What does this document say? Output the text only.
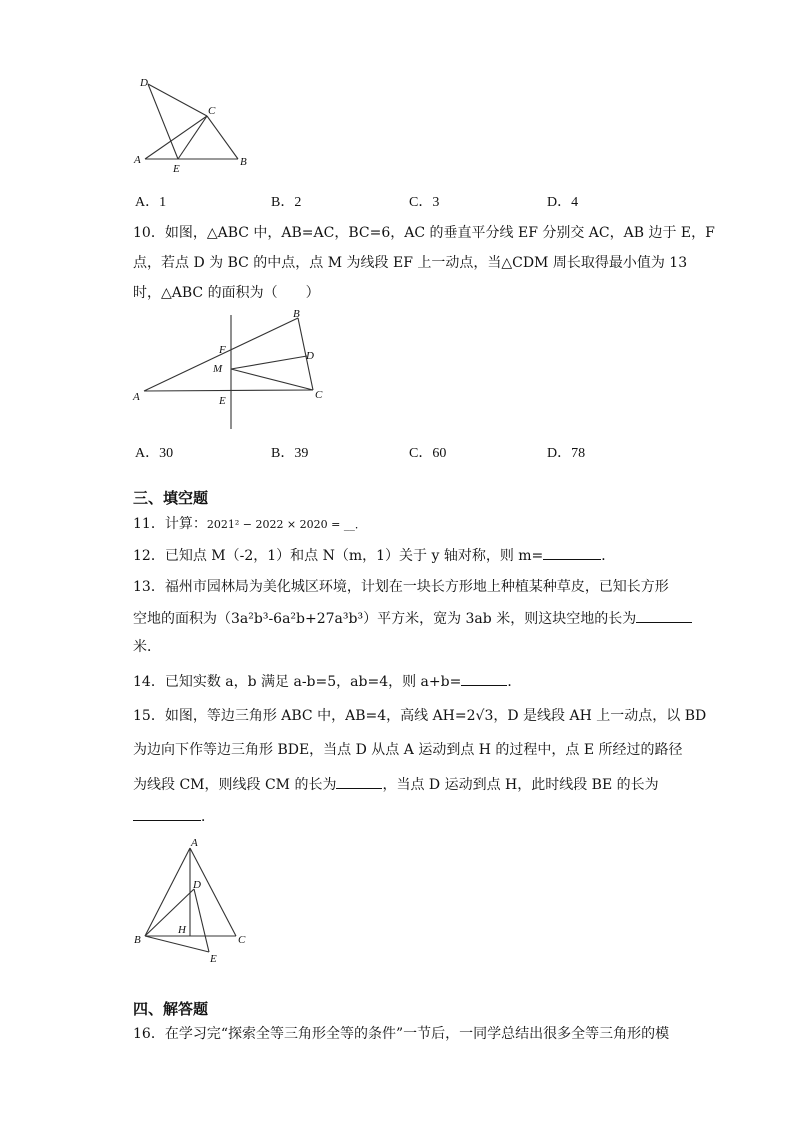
D
C
A
E
B
A．1	B．2	C．3	D．4
10．如图，△ABC 中，AB=AC，BC=6，AC 的垂直平分线 EF 分别交 AC，AB 边于 E，F
点，若点 D 为 BC 的中点，点 M 为线段 EF 上一动点，当△CDM 周长取得最小值为 13
时，△ABC 的面积为（　　）
B
F	D
M
A	E	C
A．30	B．39	C．60	D．78
三、填空题
11．计算：2021² − 2022 × 2020 = __．
12．已知点 M（-2，1）和点 N（m，1）关于 y 轴对称，则 m=	．
13．福州市园林局为美化城区环境，计划在一块长方形地上种植某种草皮，已知长方形
空地的面积为（3a²b³-6a²b+27a³b³）平方米，宽为 3ab 米，则这块空地的长为
米．
14．已知实数 a，b 满足 a-b=5，ab=4，则 a+b=	．
15．如图，等边三角形 ABC 中，AB=4，高线 AH=2√3，D 是线段 AH 上一动点，以 BD
为边向下作等边三角形 BDE，当点 D 从点 A 运动到点 H 的过程中，点 E 所经过的路径
为线段 CM，则线段 CM 的长为	，当点 D 运动到点 H，此时线段 BE 的长为
．
A
D
H
B	C
E
四、解答题
16．在学习完“探索全等三角形全等的条件”一节后，一同学总结出很多全等三角形的模
